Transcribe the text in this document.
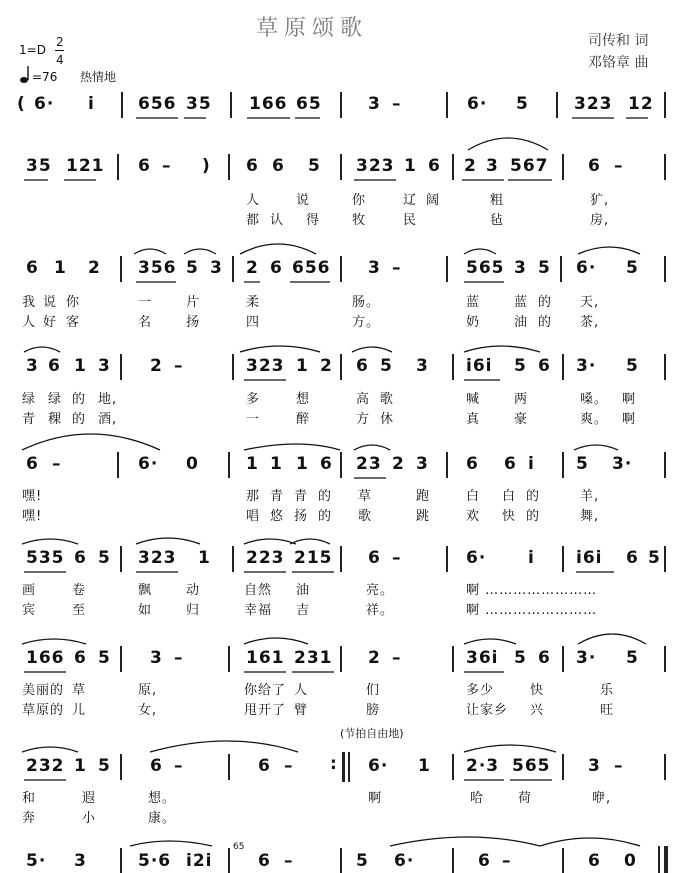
草原颂歌	司传和 词
邓铬章 曲
1=D
2
4
=76 热情地
( 6· i	656 35 166 65	3 –	6· 5	323 12
35 121 6 – ) 6 6 5 323 1 6 2 3 567 6 –
人	说	你	辽 阔	粗	犷,
都 认 得 牧	民	毡	房,
6 1 2 356 5 3 2 6 656 3 –	565 3 5 6· 5
我 说 你	一	片	柔	肠。	蓝	蓝 的 天,
人 好 客	名	扬	四	方。	奶	油 的 茶,
3 6 1 3 2 –	323 1 2 6 5 3 i6i 5 6 3· 5
绿 绿 的 地,	多	想	高 歌	喊	两	嗓。 啊
青 稞 的 酒,	一	醉	方 休	真	豪	爽。 啊
6 –	6· 0	1 1 1 6 23 2 3 6 6 i 5 3·
嘿!	那 青 青 的 草	跑	白 白 的	羊,
嘿!	唱 悠 扬 的 歌	跳	欢 快 的	舞,
535 6 5 323 1 223 215 6 –	6· i i6i 6 5
画	卷	飘	动	自然 油	亮。	啊 ……………………
宾	至	如	归	幸福 吉	祥。	啊 ……………………
166 6 5 3 –	161 231 2 –	36i 5 6 3· 5
美丽的 草	原,	你给了 人	们	多少	快	乐
草原的 儿	女,	甩开了 臂	膀	让家乡 兴	旺
(节拍自由地)
232 1 5 6 –	6 – : 6· 1 2·3 565 3 –
和	遐	想。	啊	哈	荷	咿,
奔	小	康。
5· 3	5·6 i2i
65
6 –	5 6·	6 –	6 0
